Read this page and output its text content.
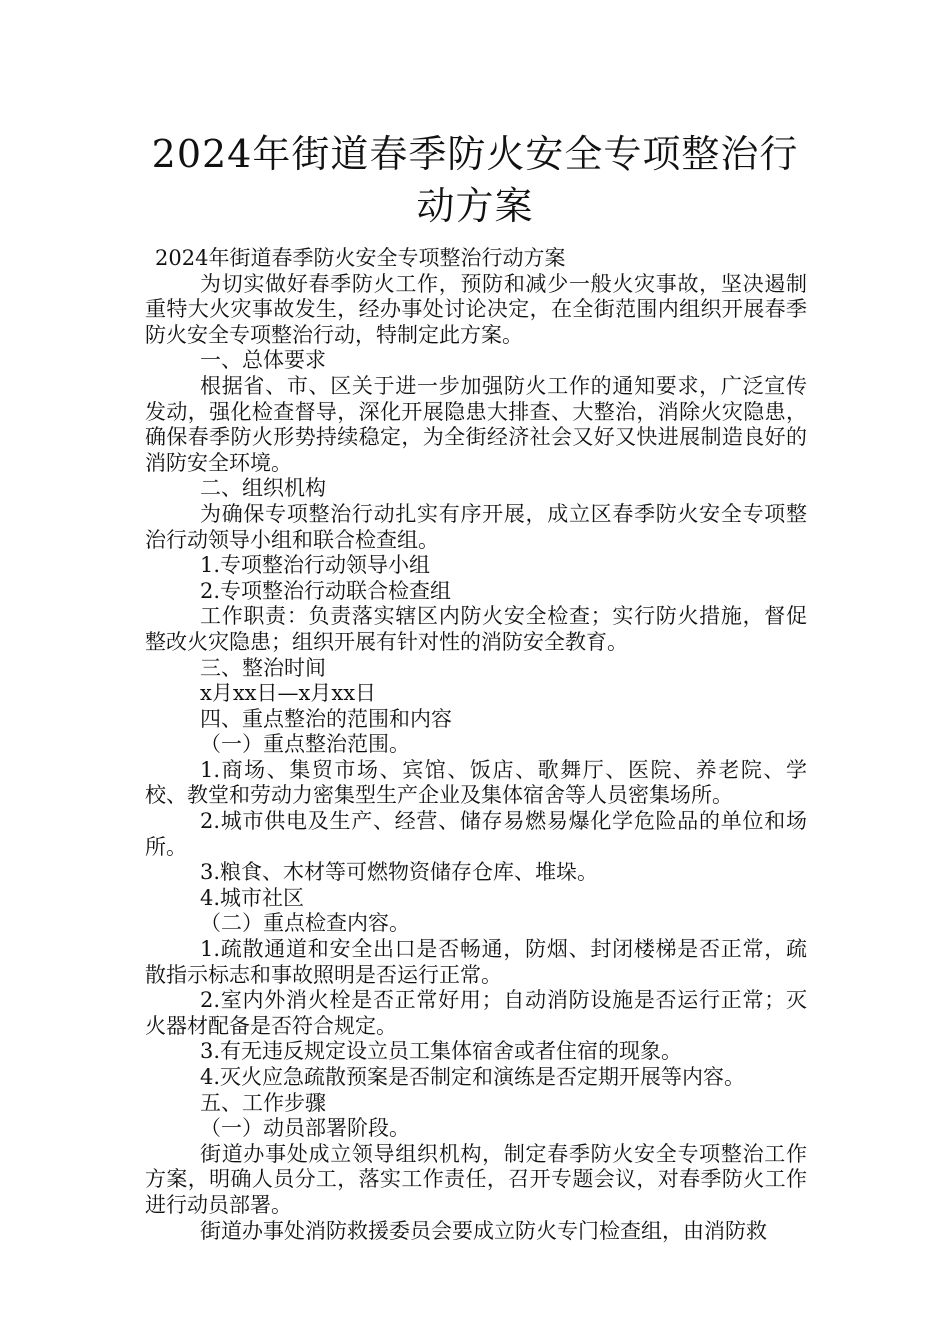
2024年街道春季防火安全专项整治行动方案

2024年街道春季防火安全专项整治行动方案

为切实做好春季防火工作，预防和减少一般火灾事故，坚决遏制重特大火灾事故发生，经办事处讨论决定，在全街范围内组织开展春季防火安全专项整治行动，特制定此方案。

一、总体要求

根据省、市、区关于进一步加强防火工作的通知要求，广泛宣传发动，强化检查督导，深化开展隐患大排查、大整治，消除火灾隐患，确保春季防火形势持续稳定，为全街经济社会又好又快进展制造良好的消防安全环境。

二、组织机构

为确保专项整治行动扎实有序开展，成立区春季防火安全专项整治行动领导小组和联合检查组。

1.专项整治行动领导小组

2.专项整治行动联合检查组

工作职责：负责落实辖区内防火安全检查；实行防火措施，督促整改火灾隐患；组织开展有针对性的消防安全教育。

三、整治时间

x月xx日—x月xx日

四、重点整治的范围和内容

（一）重点整治范围。

1.商场、集贸市场、宾馆、饭店、歌舞厅、医院、养老院、学校、教堂和劳动力密集型生产企业及集体宿舍等人员密集场所。

2.城市供电及生产、经营、储存易燃易爆化学危险品的单位和场所。

3.粮食、木材等可燃物资储存仓库、堆垛。

4.城市社区

（二）重点检查内容。

1.疏散通道和安全出口是否畅通，防烟、封闭楼梯是否正常，疏散指示标志和事故照明是否运行正常。

2.室内外消火栓是否正常好用；自动消防设施是否运行正常；灭火器材配备是否符合规定。

3.有无违反规定设立员工集体宿舍或者住宿的现象。

4.灭火应急疏散预案是否制定和演练是否定期开展等内容。

五、工作步骤

（一）动员部署阶段。

街道办事处成立领导组织机构，制定春季防火安全专项整治工作方案，明确人员分工，落实工作责任，召开专题会议，对春季防火工作进行动员部署。

街道办事处消防救援委员会要成立防火专门检查组，由消防救
